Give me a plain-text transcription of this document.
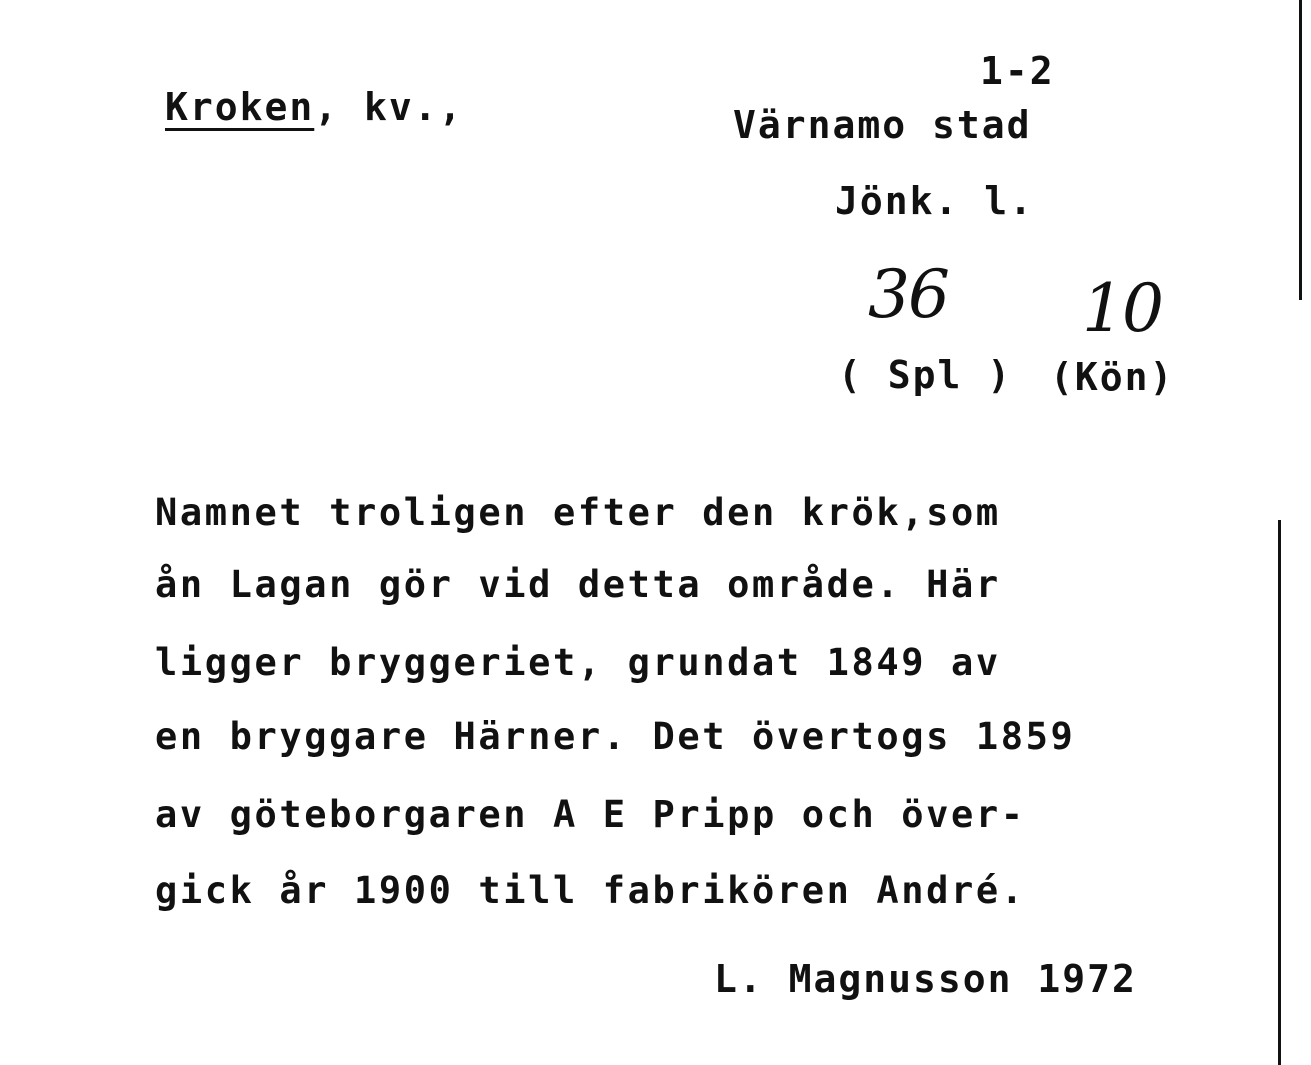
1-2
Kroken, kv.,	Värnamo stad
Jönk. l.
36 10
( Spl ) (Kön)
Namnet troligen efter den krök,som
ån Lagan gör vid detta område. Här
ligger bryggeriet, grundat 1849 av
en bryggare Härner. Det övertogs 1859
av göteborgaren A E Pripp och över-
gick år 1900 till fabrikören André.
L. Magnusson 1972
